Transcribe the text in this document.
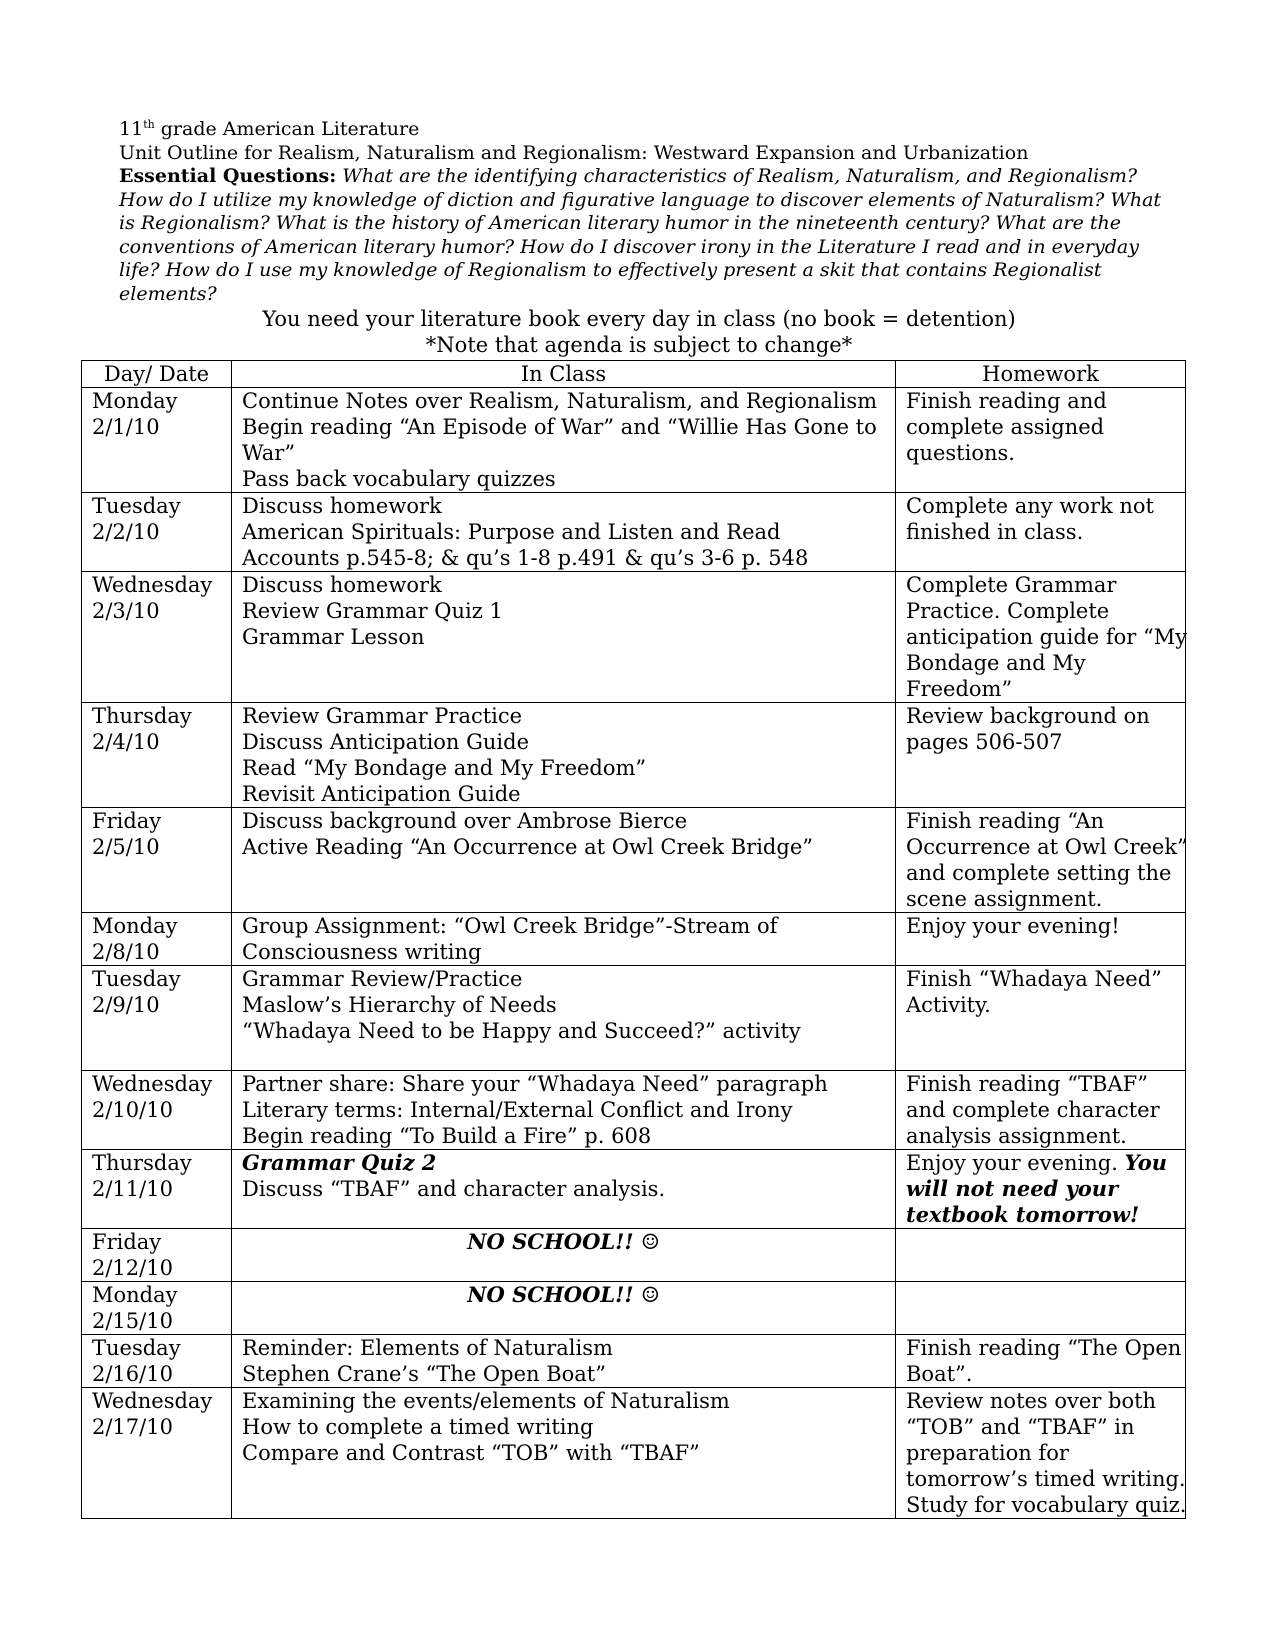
11th grade American Literature
Unit Outline for Realism, Naturalism and Regionalism: Westward Expansion and Urbanization
Essential Questions: What are the identifying characteristics of Realism, Naturalism, and Regionalism?
How do I utilize my knowledge of diction and figurative language to discover elements of Naturalism? What
is Regionalism? What is the history of American literary humor in the nineteenth century? What are the
conventions of American literary humor? How do I discover irony in the Literature I read and in everyday
life? How do I use my knowledge of Regionalism to effectively present a skit that contains Regionalist
elements?
You need your literature book every day in class (no book = detention)
*Note that agenda is subject to change*
Day/ Date	In Class	Homework

Monday
2/1/10	Continue Notes over Realism, Naturalism, and Regionalism
Begin reading “An Episode of War” and “Willie Has Gone to
War”
Pass back vocabulary quizzes	Finish reading and
complete assigned
questions.

Tuesday
2/2/10	Discuss homework
American Spirituals: Purpose and Listen and Read
Accounts p.545-8; & qu’s 1-8 p.491 & qu’s 3-6 p. 548	Complete any work not
finished in class.

Wednesday
2/3/10	Discuss homework
Review Grammar Quiz 1
Grammar Lesson	Complete Grammar
Practice. Complete
anticipation guide for “My
Bondage and My
Freedom”

Thursday
2/4/10	Review Grammar Practice
Discuss Anticipation Guide
Read “My Bondage and My Freedom”
Revisit Anticipation Guide	Review background on
pages 506-507

Friday
2/5/10	Discuss background over Ambrose Bierce
Active Reading “An Occurrence at Owl Creek Bridge”	Finish reading “An
Occurrence at Owl Creek”
and complete setting the
scene assignment.

Monday
2/8/10	Group Assignment: “Owl Creek Bridge”-Stream of
Consciousness writing	Enjoy your evening!

Tuesday
2/9/10	Grammar Review/Practice
Maslow’s Hierarchy of Needs
“Whadaya Need to be Happy and Succeed?” activity	Finish “Whadaya Need”
Activity.

Wednesday
2/10/10	Partner share: Share your “Whadaya Need” paragraph
Literary terms: Internal/External Conflict and Irony
Begin reading “To Build a Fire” p. 608	Finish reading “TBAF”
and complete character
analysis assignment.

Thursday
2/11/10	Grammar Quiz 2
Discuss “TBAF” and character analysis.	Enjoy your evening. You
will not need your
textbook tomorrow!

Friday
2/12/10	NO SCHOOL!! ☺	

Monday
2/15/10	NO SCHOOL!! ☺	

Tuesday
2/16/10	Reminder: Elements of Naturalism
Stephen Crane’s “The Open Boat”	Finish reading “The Open
Boat”.

Wednesday
2/17/10	Examining the events/elements of Naturalism
How to complete a timed writing
Compare and Contrast “TOB” with “TBAF”	Review notes over both
“TOB” and “TBAF” in
preparation for
tomorrow’s timed writing.
Study for vocabulary quiz.
